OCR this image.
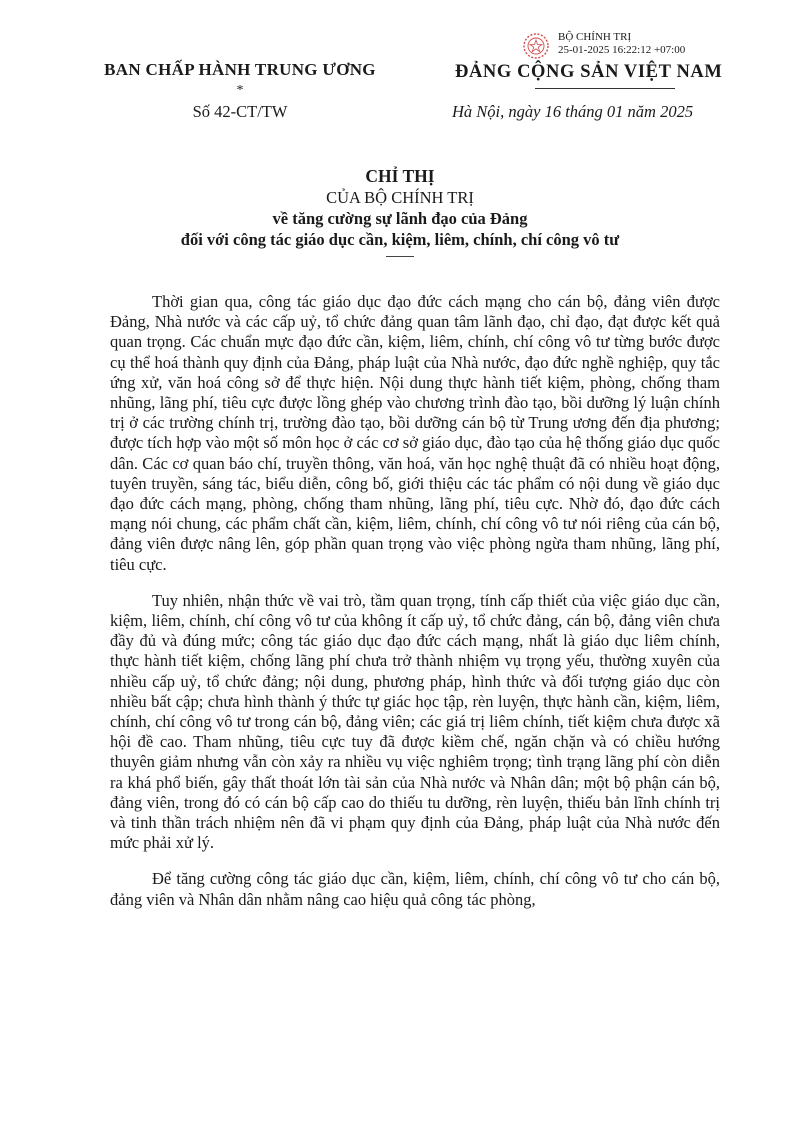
BAN CHẤP HÀNH TRUNG ƯƠNG
*
Số 42-CT/TW
BỘ CHÍNH TRỊ
25-01-2025 16:22:12 +07:00
ĐẢNG CỘNG SẢN VIỆT NAM
Hà Nội, ngày 16 tháng 01 năm 2025
CHỈ THỊ
CỦA BỘ CHÍNH TRỊ
về tăng cường sự lãnh đạo của Đảng
đối với công tác giáo dục cần, kiệm, liêm, chính, chí công vô tư

Thời gian qua, công tác giáo dục đạo đức cách mạng cho cán bộ, đảng viên được Đảng, Nhà nước và các cấp uỷ, tổ chức đảng quan tâm lãnh đạo, chỉ đạo, đạt được kết quả quan trọng. Các chuẩn mực đạo đức cần, kiệm, liêm, chính, chí công vô tư từng bước được cụ thể hoá thành quy định của Đảng, pháp luật của Nhà nước, đạo đức nghề nghiệp, quy tắc ứng xử, văn hoá công sở để thực hiện. Nội dung thực hành tiết kiệm, phòng, chống tham nhũng, lãng phí, tiêu cực được lồng ghép vào chương trình đào tạo, bồi dưỡng lý luận chính trị ở các trường chính trị, trường đào tạo, bồi dưỡng cán bộ từ Trung ương đến địa phương; được tích hợp vào một số môn học ở các cơ sở giáo dục, đào tạo của hệ thống giáo dục quốc dân. Các cơ quan báo chí, truyền thông, văn hoá, văn học nghệ thuật đã có nhiều hoạt động, tuyên truyền, sáng tác, biểu diễn, công bố, giới thiệu các tác phẩm có nội dung về giáo dục đạo đức cách mạng, phòng, chống tham nhũng, lãng phí, tiêu cực. Nhờ đó, đạo đức cách mạng nói chung, các phẩm chất cần, kiệm, liêm, chính, chí công vô tư nói riêng của cán bộ, đảng viên được nâng lên, góp phần quan trọng vào việc phòng ngừa tham nhũng, lãng phí, tiêu cực.

Tuy nhiên, nhận thức về vai trò, tầm quan trọng, tính cấp thiết của việc giáo dục cần, kiệm, liêm, chính, chí công vô tư của không ít cấp uỷ, tổ chức đảng, cán bộ, đảng viên chưa đầy đủ và đúng mức; công tác giáo dục đạo đức cách mạng, nhất là giáo dục liêm chính, thực hành tiết kiệm, chống lãng phí chưa trở thành nhiệm vụ trọng yếu, thường xuyên của nhiều cấp uỷ, tổ chức đảng; nội dung, phương pháp, hình thức và đối tượng giáo dục còn nhiều bất cập; chưa hình thành ý thức tự giác học tập, rèn luyện, thực hành cần, kiệm, liêm, chính, chí công vô tư trong cán bộ, đảng viên; các giá trị liêm chính, tiết kiệm chưa được xã hội đề cao. Tham nhũng, tiêu cực tuy đã được kiềm chế, ngăn chặn và có chiều hướng thuyên giảm nhưng vẫn còn xảy ra nhiều vụ việc nghiêm trọng; tình trạng lãng phí còn diễn ra khá phổ biến, gây thất thoát lớn tài sản của Nhà nước và Nhân dân; một bộ phận cán bộ, đảng viên, trong đó có cán bộ cấp cao do thiếu tu dưỡng, rèn luyện, thiếu bản lĩnh chính trị và tinh thần trách nhiệm nên đã vi phạm quy định của Đảng, pháp luật của Nhà nước đến mức phải xử lý.

Để tăng cường công tác giáo dục cần, kiệm, liêm, chính, chí công vô tư cho cán bộ, đảng viên và Nhân dân nhằm nâng cao hiệu quả công tác phòng,
